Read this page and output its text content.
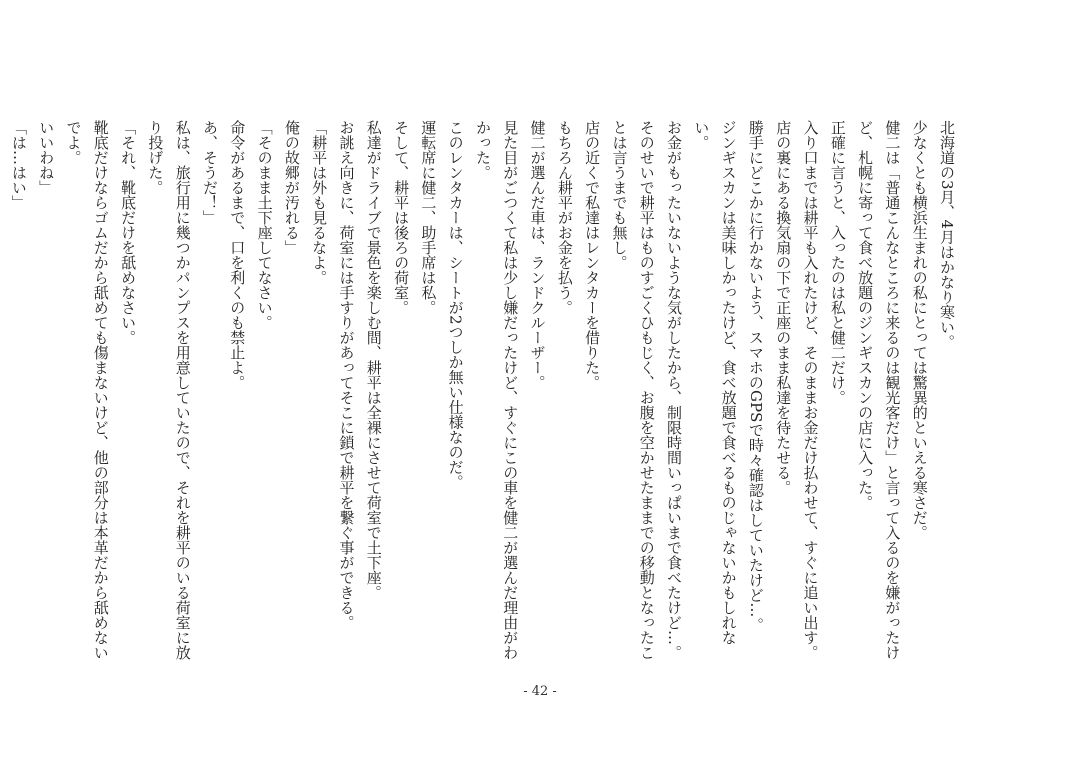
北海道の3月、4月はかなり寒い。

少なくとも横浜生まれの私にとっては驚異的といえる寒さだ。

健二は「普通こんなところに来るのは観光客だけ」と言って入るのを嫌がったけど、札幌に寄って食べ放題のジンギスカンの店に入った。

正確に言うと、入ったのは私と健二だけ。

入り口までは耕平も入れたけど、そのままお金だけ払わせて、すぐに追い出す。

店の裏にある換気扇の下で正座のまま私達を待たせる。

勝手にどこかに行かないよう、スマホのGPSで時々確認はしていたけど…。

ジンギスカンは美味しかったけど、食べ放題で食べるものじゃないかもしれない。

お金がもったいないような気がしたから、制限時間いっぱいまで食べたけど…。

そのせいで耕平はものすごくひもじく、お腹を空かせたままでの移動となったことは言うまでも無し。

店の近くで私達はレンタカーを借りた。

もちろん耕平がお金を払う。

健二が選んだ車は、ランドクルーザー。

見た目がごつくて私は少し嫌だったけど、すぐにこの車を健二が選んだ理由がわかった。

このレンタカーは、シートが2つしか無い仕様なのだ。

運転席に健二、助手席は私。

そして、耕平は後ろの荷室。

私達がドライブで景色を楽しむ間、耕平は全裸にさせて荷室で土下座。

お誂え向きに、荷室には手すりがあってそこに鎖で耕平を繋ぐ事ができる。

「耕平は外も見るなよ。

俺の故郷が汚れる」

「そのまま土下座してなさい。

命令があるまで、口を利くのも禁止よ。

あ、そうだ！」

私は、旅行用に幾つかパンプスを用意していたので、それを耕平のいる荷室に放り投げた。

「それ、靴底だけを舐めなさい。

靴底だけならゴムだから舐めても傷まないけど、他の部分は本革だから舐めないでよ。

いいわね」

「は…はい」

- 42 -
